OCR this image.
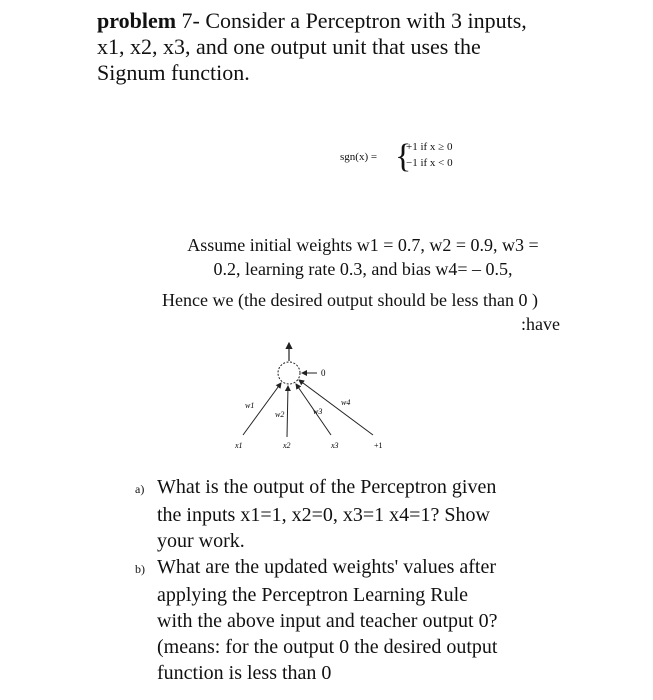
problem 7- Consider a Perceptron with 3 inputs,
x1, x2, x3, and one output unit that uses the
Signum function.
sgn(x) = {
+1 if x ≥ 0
−1 if x < 0
Assume initial weights w1 = 0.7, w2 = 0.9, w3 =
0.2, learning rate 0.3, and bias w4= – 0.5,
Hence we (the desired output should be less than 0 )
:have
0
w1
w2	w3
w4
x1	x2	x3	+1
a) What is the output of the Perceptron given
the inputs x1=1, x2=0, x3=1 x4=1? Show
your work.
b) What are the updated weights' values after
applying the Perceptron Learning Rule
with the above input and teacher output 0?
(means: for the output 0 the desired output
function is less than 0
